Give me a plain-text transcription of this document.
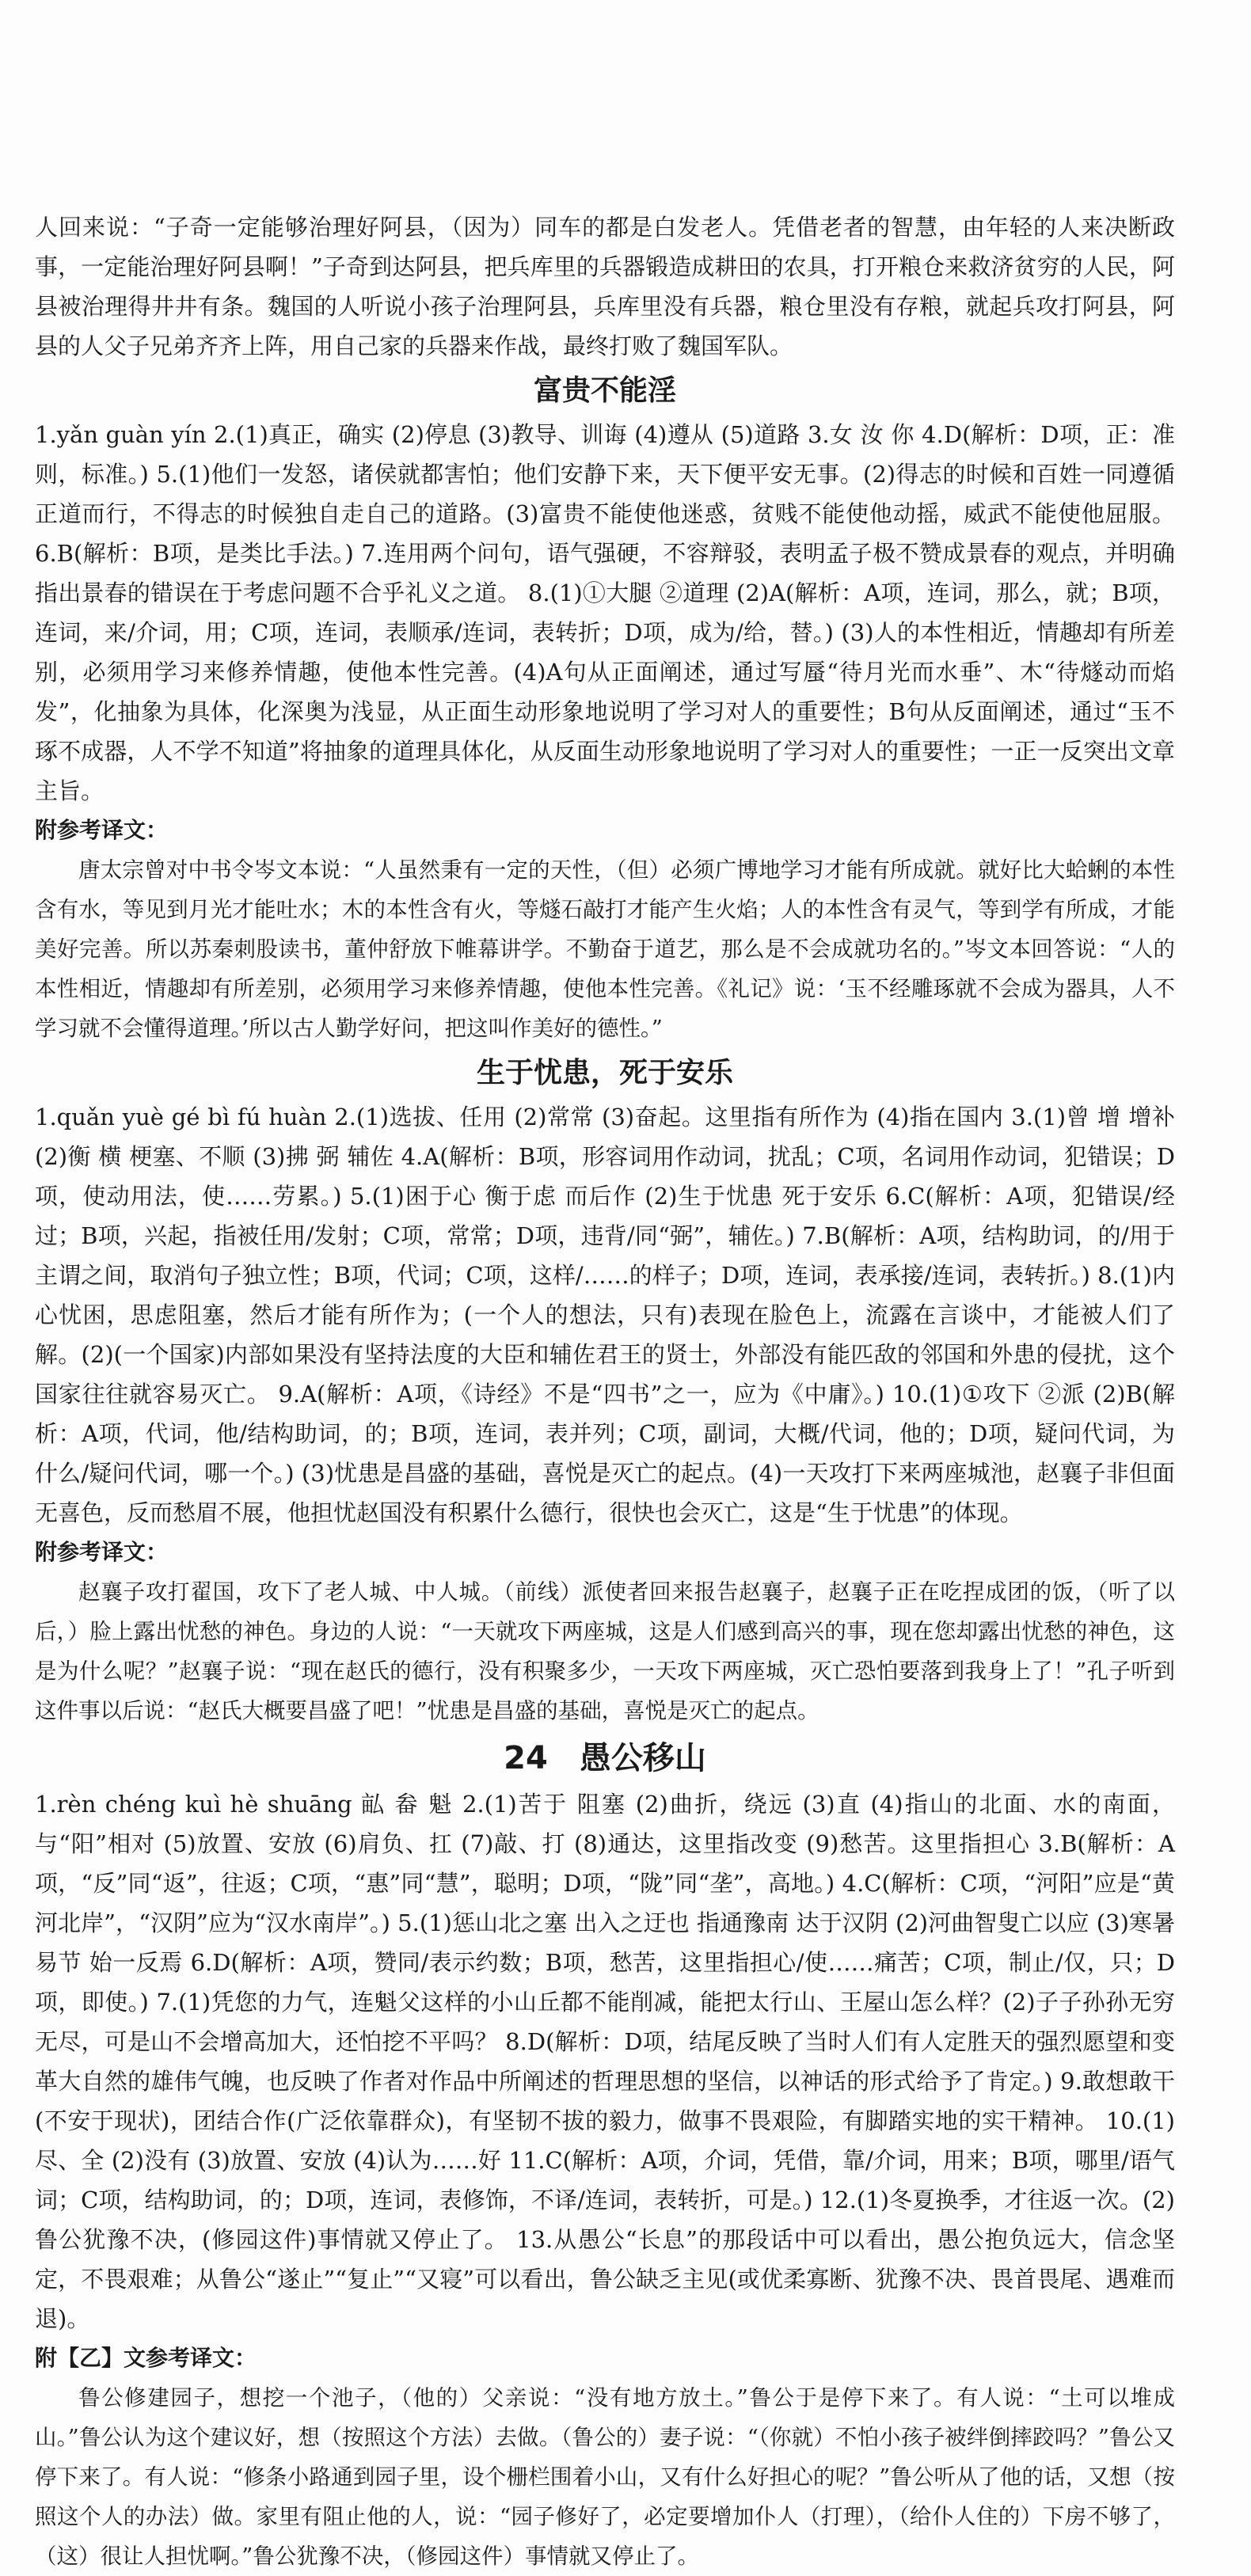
人回来说：“子奇一定能够治理好阿县，（因为）同车的都是白发老人。凭借老者的智慧，由年轻的人来决断政事，一定能治理好阿县啊！”子奇到达阿县，把兵库里的兵器锻造成耕田的农具，打开粮仓来救济贫穷的人民，阿县被治理得井井有条。魏国的人听说小孩子治理阿县，兵库里没有兵器，粮仓里没有存粮，就起兵攻打阿县，阿县的人父子兄弟齐齐上阵，用自己家的兵器来作战，最终打败了魏国军队。

富贵不能淫

1.yǎn guàn yín 2.(1)真正，确实 (2)停息 (3)教导、训诲 (4)遵从 (5)道路 3.女 汝 你 4.D(解析：D项，正：准则，标准。) 5.(1)他们一发怒，诸侯就都害怕；他们安静下来，天下便平安无事。(2)得志的时候和百姓一同遵循正道而行，不得志的时候独自走自己的道路。(3)富贵不能使他迷惑，贫贱不能使他动摇，威武不能使他屈服。 6.B(解析：B项，是类比手法。) 7.连用两个问句，语气强硬，不容辩驳，表明孟子极不赞成景春的观点，并明确指出景春的错误在于考虑问题不合乎礼义之道。 8.(1)①大腿 ②道理 (2)A(解析：A项，连词，那么，就；B项，连词，来/介词，用；C项，连词，表顺承/连词，表转折；D项，成为/给，替。) (3)人的本性相近，情趣却有所差别，必须用学习来修养情趣，使他本性完善。(4)A句从正面阐述，通过写蜃“待月光而水垂”、木“待燧动而焰发”，化抽象为具体，化深奥为浅显，从正面生动形象地说明了学习对人的重要性；B句从反面阐述，通过“玉不琢不成器，人不学不知道”将抽象的道理具体化，从反面生动形象地说明了学习对人的重要性；一正一反突出文章主旨。

附参考译文：

唐太宗曾对中书令岑文本说：“人虽然秉有一定的天性，（但）必须广博地学习才能有所成就。就好比大蛤蜊的本性含有水，等见到月光才能吐水；木的本性含有火，等燧石敲打才能产生火焰；人的本性含有灵气，等到学有所成，才能美好完善。所以苏秦刺股读书，董仲舒放下帷幕讲学。不勤奋于道艺，那么是不会成就功名的。”岑文本回答说：“人的本性相近，情趣却有所差别，必须用学习来修养情趣，使他本性完善。《礼记》说：‘玉不经雕琢就不会成为器具，人不学习就不会懂得道理。’所以古人勤学好问，把这叫作美好的德性。”

生于忧患，死于安乐

1.quǎn yuè gé bì fú huàn 2.(1)选拔、任用 (2)常常 (3)奋起。这里指有所作为 (4)指在国内 3.(1)曾 增 增补 (2)衡 横 梗塞、不顺 (3)拂 弼 辅佐 4.A(解析：B项，形容词用作动词，扰乱；C项，名词用作动词，犯错误；D项，使动用法，使……劳累。) 5.(1)困于心 衡于虑 而后作 (2)生于忧患 死于安乐 6.C(解析：A项，犯错误/经过；B项，兴起，指被任用/发射；C项，常常；D项，违背/同“弼”，辅佐。) 7.B(解析：A项，结构助词，的/用于主谓之间，取消句子独立性；B项，代词；C项，这样/……的样子；D项，连词，表承接/连词，表转折。) 8.(1)内心忧困，思虑阻塞，然后才能有所作为；(一个人的想法，只有)表现在脸色上，流露在言谈中，才能被人们了解。(2)(一个国家)内部如果没有坚持法度的大臣和辅佐君王的贤士，外部没有能匹敌的邻国和外患的侵扰，这个国家往往就容易灭亡。 9.A(解析：A项，《诗经》不是“四书”之一，应为《中庸》。) 10.(1)①攻下 ②派 (2)B(解析：A项，代词，他/结构助词，的；B项，连词，表并列；C项，副词，大概/代词，他的；D项，疑问代词，为什么/疑问代词，哪一个。) (3)忧患是昌盛的基础，喜悦是灭亡的起点。(4)一天攻打下来两座城池，赵襄子非但面无喜色，反而愁眉不展，他担忧赵国没有积累什么德行，很快也会灭亡，这是“生于忧患”的体现。

附参考译文：

赵襄子攻打翟国，攻下了老人城、中人城。（前线）派使者回来报告赵襄子，赵襄子正在吃捏成团的饭，（听了以后，）脸上露出忧愁的神色。身边的人说：“一天就攻下两座城，这是人们感到高兴的事，现在您却露出忧愁的神色，这是为什么呢？”赵襄子说：“现在赵氏的德行，没有积聚多少，一天攻下两座城，灭亡恐怕要落到我身上了！”孔子听到这件事以后说：“赵氏大概要昌盛了吧！”忧患是昌盛的基础，喜悦是灭亡的起点。

24　愚公移山

1.rèn chéng kuì hè shuāng 畆 畚 魁 2.(1)苦于 阻塞 (2)曲折，绕远 (3)直 (4)指山的北面、水的南面，与“阳”相对 (5)放置、安放 (6)肩负、扛 (7)敲、打 (8)通达，这里指改变 (9)愁苦。这里指担心 3.B(解析：A项，“反”同“返”，往返；C项，“惠”同“慧”，聪明；D项，“陇”同“垄”，高地。) 4.C(解析：C项，“河阳”应是“黄河北岸”，“汉阴”应为“汉水南岸”。) 5.(1)惩山北之塞 出入之迂也 指通豫南 达于汉阴 (2)河曲智叟亡以应 (3)寒暑易节 始一反焉 6.D(解析：A项，赞同/表示约数；B项，愁苦，这里指担心/使……痛苦；C项，制止/仅，只；D项，即使。) 7.(1)凭您的力气，连魁父这样的小山丘都不能削减，能把太行山、王屋山怎么样？(2)子子孙孙无穷无尽，可是山不会增高加大，还怕挖不平吗？ 8.D(解析：D项，结尾反映了当时人们有人定胜天的强烈愿望和变革大自然的雄伟气魄，也反映了作者对作品中所阐述的哲理思想的坚信，以神话的形式给予了肯定。) 9.敢想敢干(不安于现状)，团结合作(广泛依靠群众)，有坚韧不拔的毅力，做事不畏艰险，有脚踏实地的实干精神。 10.(1)尽、全 (2)没有 (3)放置、安放 (4)认为……好 11.C(解析：A项，介词，凭借，靠/介词，用来；B项，哪里/语气词；C项，结构助词，的；D项，连词，表修饰，不译/连词，表转折，可是。) 12.(1)冬夏换季，才往返一次。(2)鲁公犹豫不决，(修园这件)事情就又停止了。 13.从愚公“长息”的那段话中可以看出，愚公抱负远大，信念坚定，不畏艰难；从鲁公“遂止”“复止”“又寝”可以看出，鲁公缺乏主见(或优柔寡断、犹豫不决、畏首畏尾、遇难而退)。

附【乙】文参考译文：

鲁公修建园子，想挖一个池子，（他的）父亲说：“没有地方放土。”鲁公于是停下来了。有人说：“土可以堆成山。”鲁公认为这个建议好，想（按照这个方法）去做。（鲁公的）妻子说：“（你就）不怕小孩子被绊倒摔跤吗？”鲁公又停下来了。有人说：“修条小路通到园子里，设个栅栏围着小山，又有什么好担心的呢？”鲁公听从了他的话，又想（按照这个人的办法）做。家里有阻止他的人，说：“园子修好了，必定要增加仆人（打理），（给仆人住的）下房不够了，（这）很让人担忧啊。”鲁公犹豫不决，（修园这件）事情就又停止了。
